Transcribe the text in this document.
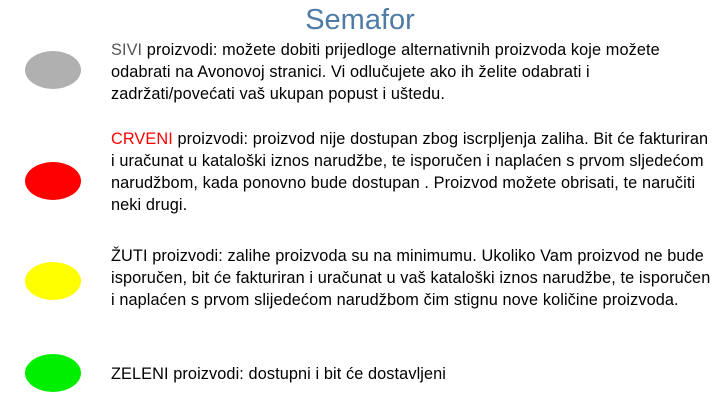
Semafor
SIVI proizvodi: možete dobiti prijedloge alternativnih proizvoda koje možete odabrati na Avonovoj stranici. Vi odlučujete ako ih želite odabrati i zadržati/povećati vaš ukupan popust i uštedu.
CRVENI proizvodi: proizvod nije dostupan zbog iscrpljenja zaliha. Bit će fakturiran i uračunat u kataloški iznos narudžbe, te isporučen i naplaćen s prvom sljedećom narudžbom, kada ponovno bude dostupan . Proizvod možete obrisati, te naručiti neki drugi.
ŽUTI proizvodi: zalihe proizvoda su na minimumu. Ukoliko Vam proizvod ne bude isporučen, bit će fakturiran i uračunat u vaš kataloški iznos narudžbe, te isporučen i naplaćen s prvom slijedećom narudžbom čim stignu nove količine proizvoda.
ZELENI proizvodi: dostupni i bit će dostavljeni
